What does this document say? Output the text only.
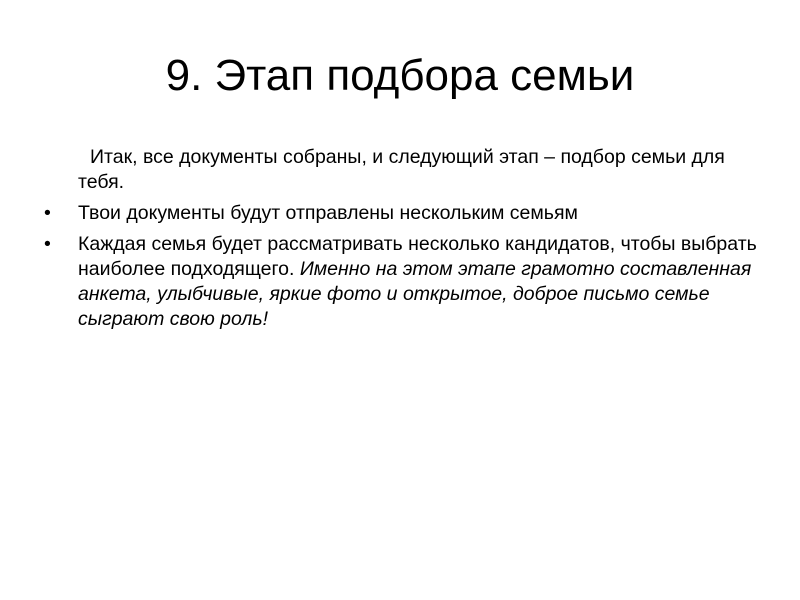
9. Этап подбора семьи

Итак, все документы собраны, и следующий этап – подбор семьи для тебя.

•	Твои документы будут отправлены нескольким семьям
•	Каждая семья будет рассматривать несколько кандидатов, чтобы выбрать наиболее подходящего. Именно на этом этапе грамотно составленная анкета, улыбчивые, яркие фото и открытое, доброе письмо семье сыграют свою роль!
